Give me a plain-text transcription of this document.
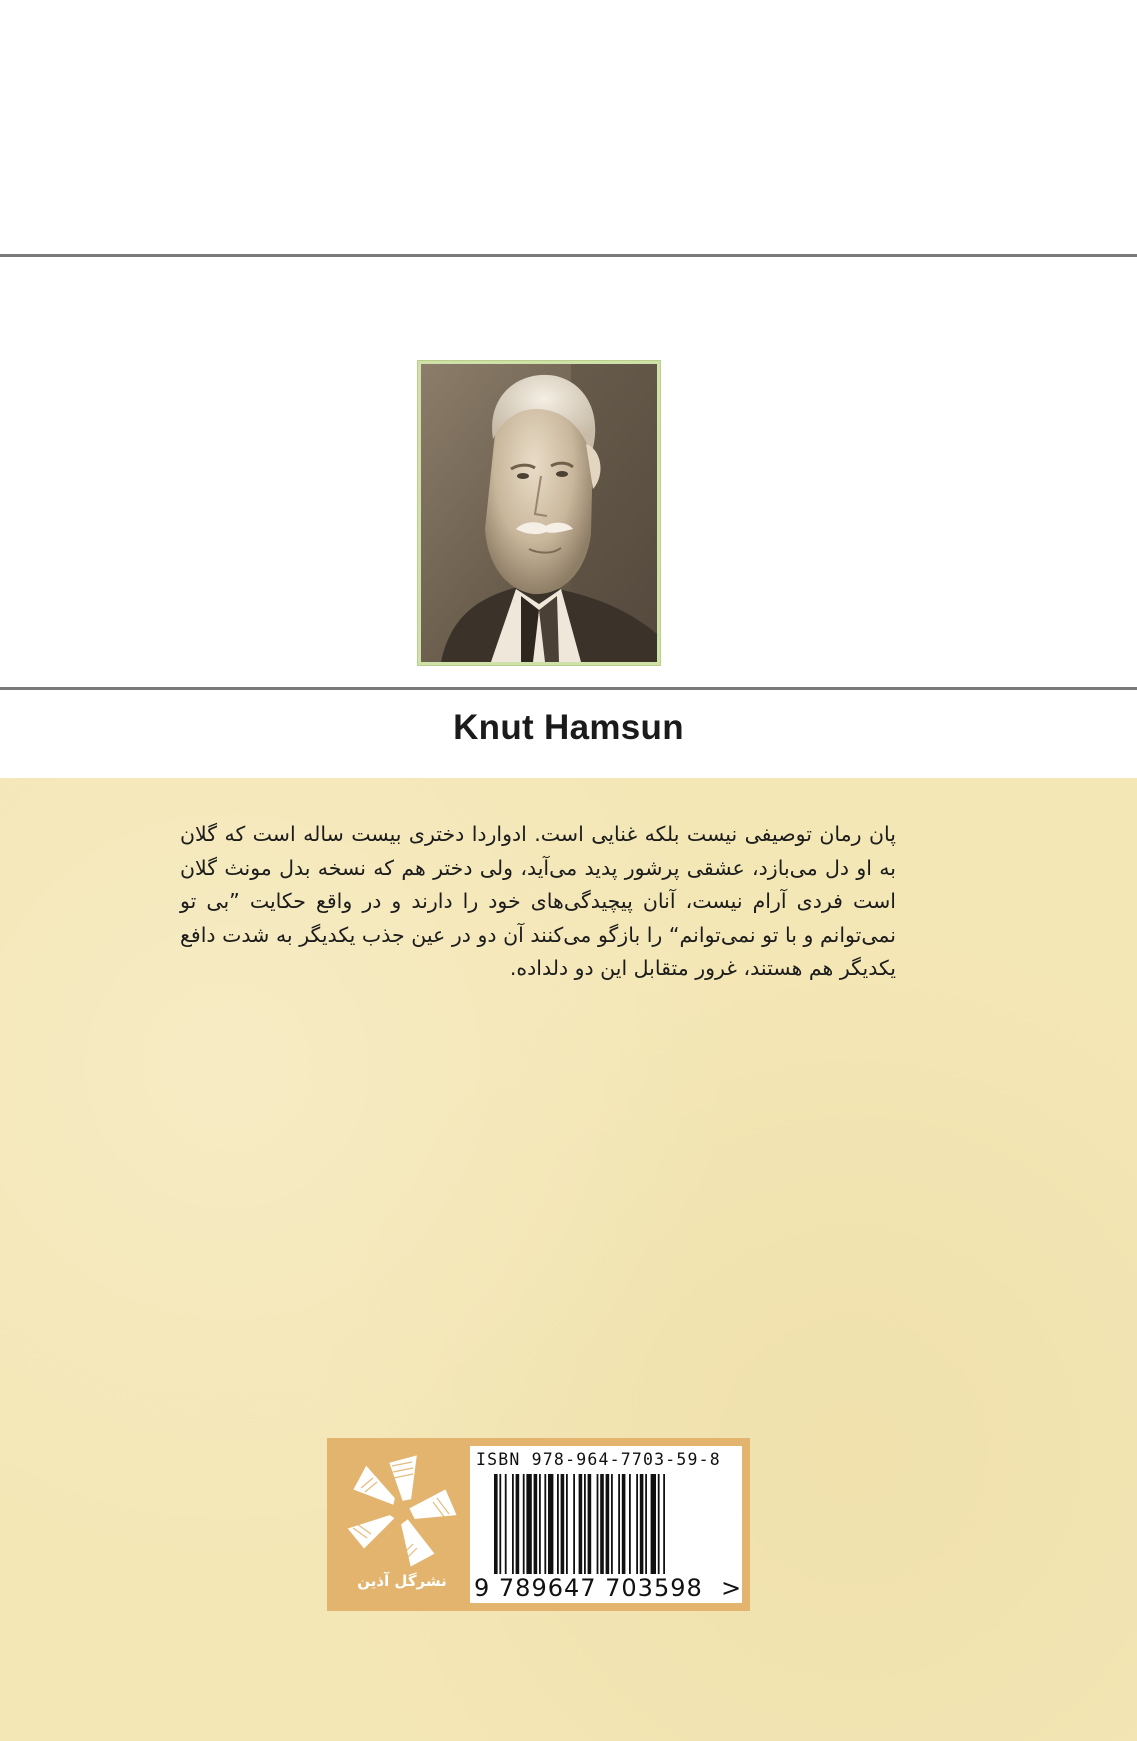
Knut Hamsun
پان رمان توصیفی نیست بلکه غنایی است. ادواردا دختری بیست ساله است که گلان به او دل می‌بازد، عشقی پرشور پدید می‌آید، ولی دختر هم که نسخه بدل مونث گلان است فردی آرام نیست، آنان پیچیدگی‌های خود را دارند و در واقع حکایت ”بی تو نمی‌توانم و با تو نمی‌توانم“ را بازگو می‌کنند آن دو در عین جذب یکدیگر به شدت دافع یکدیگر هم هستند، غرور متقابل این دو دلداده.
نشرگل آذین
ISBN 978-964-7703-59-8
9 789647 703598 >
